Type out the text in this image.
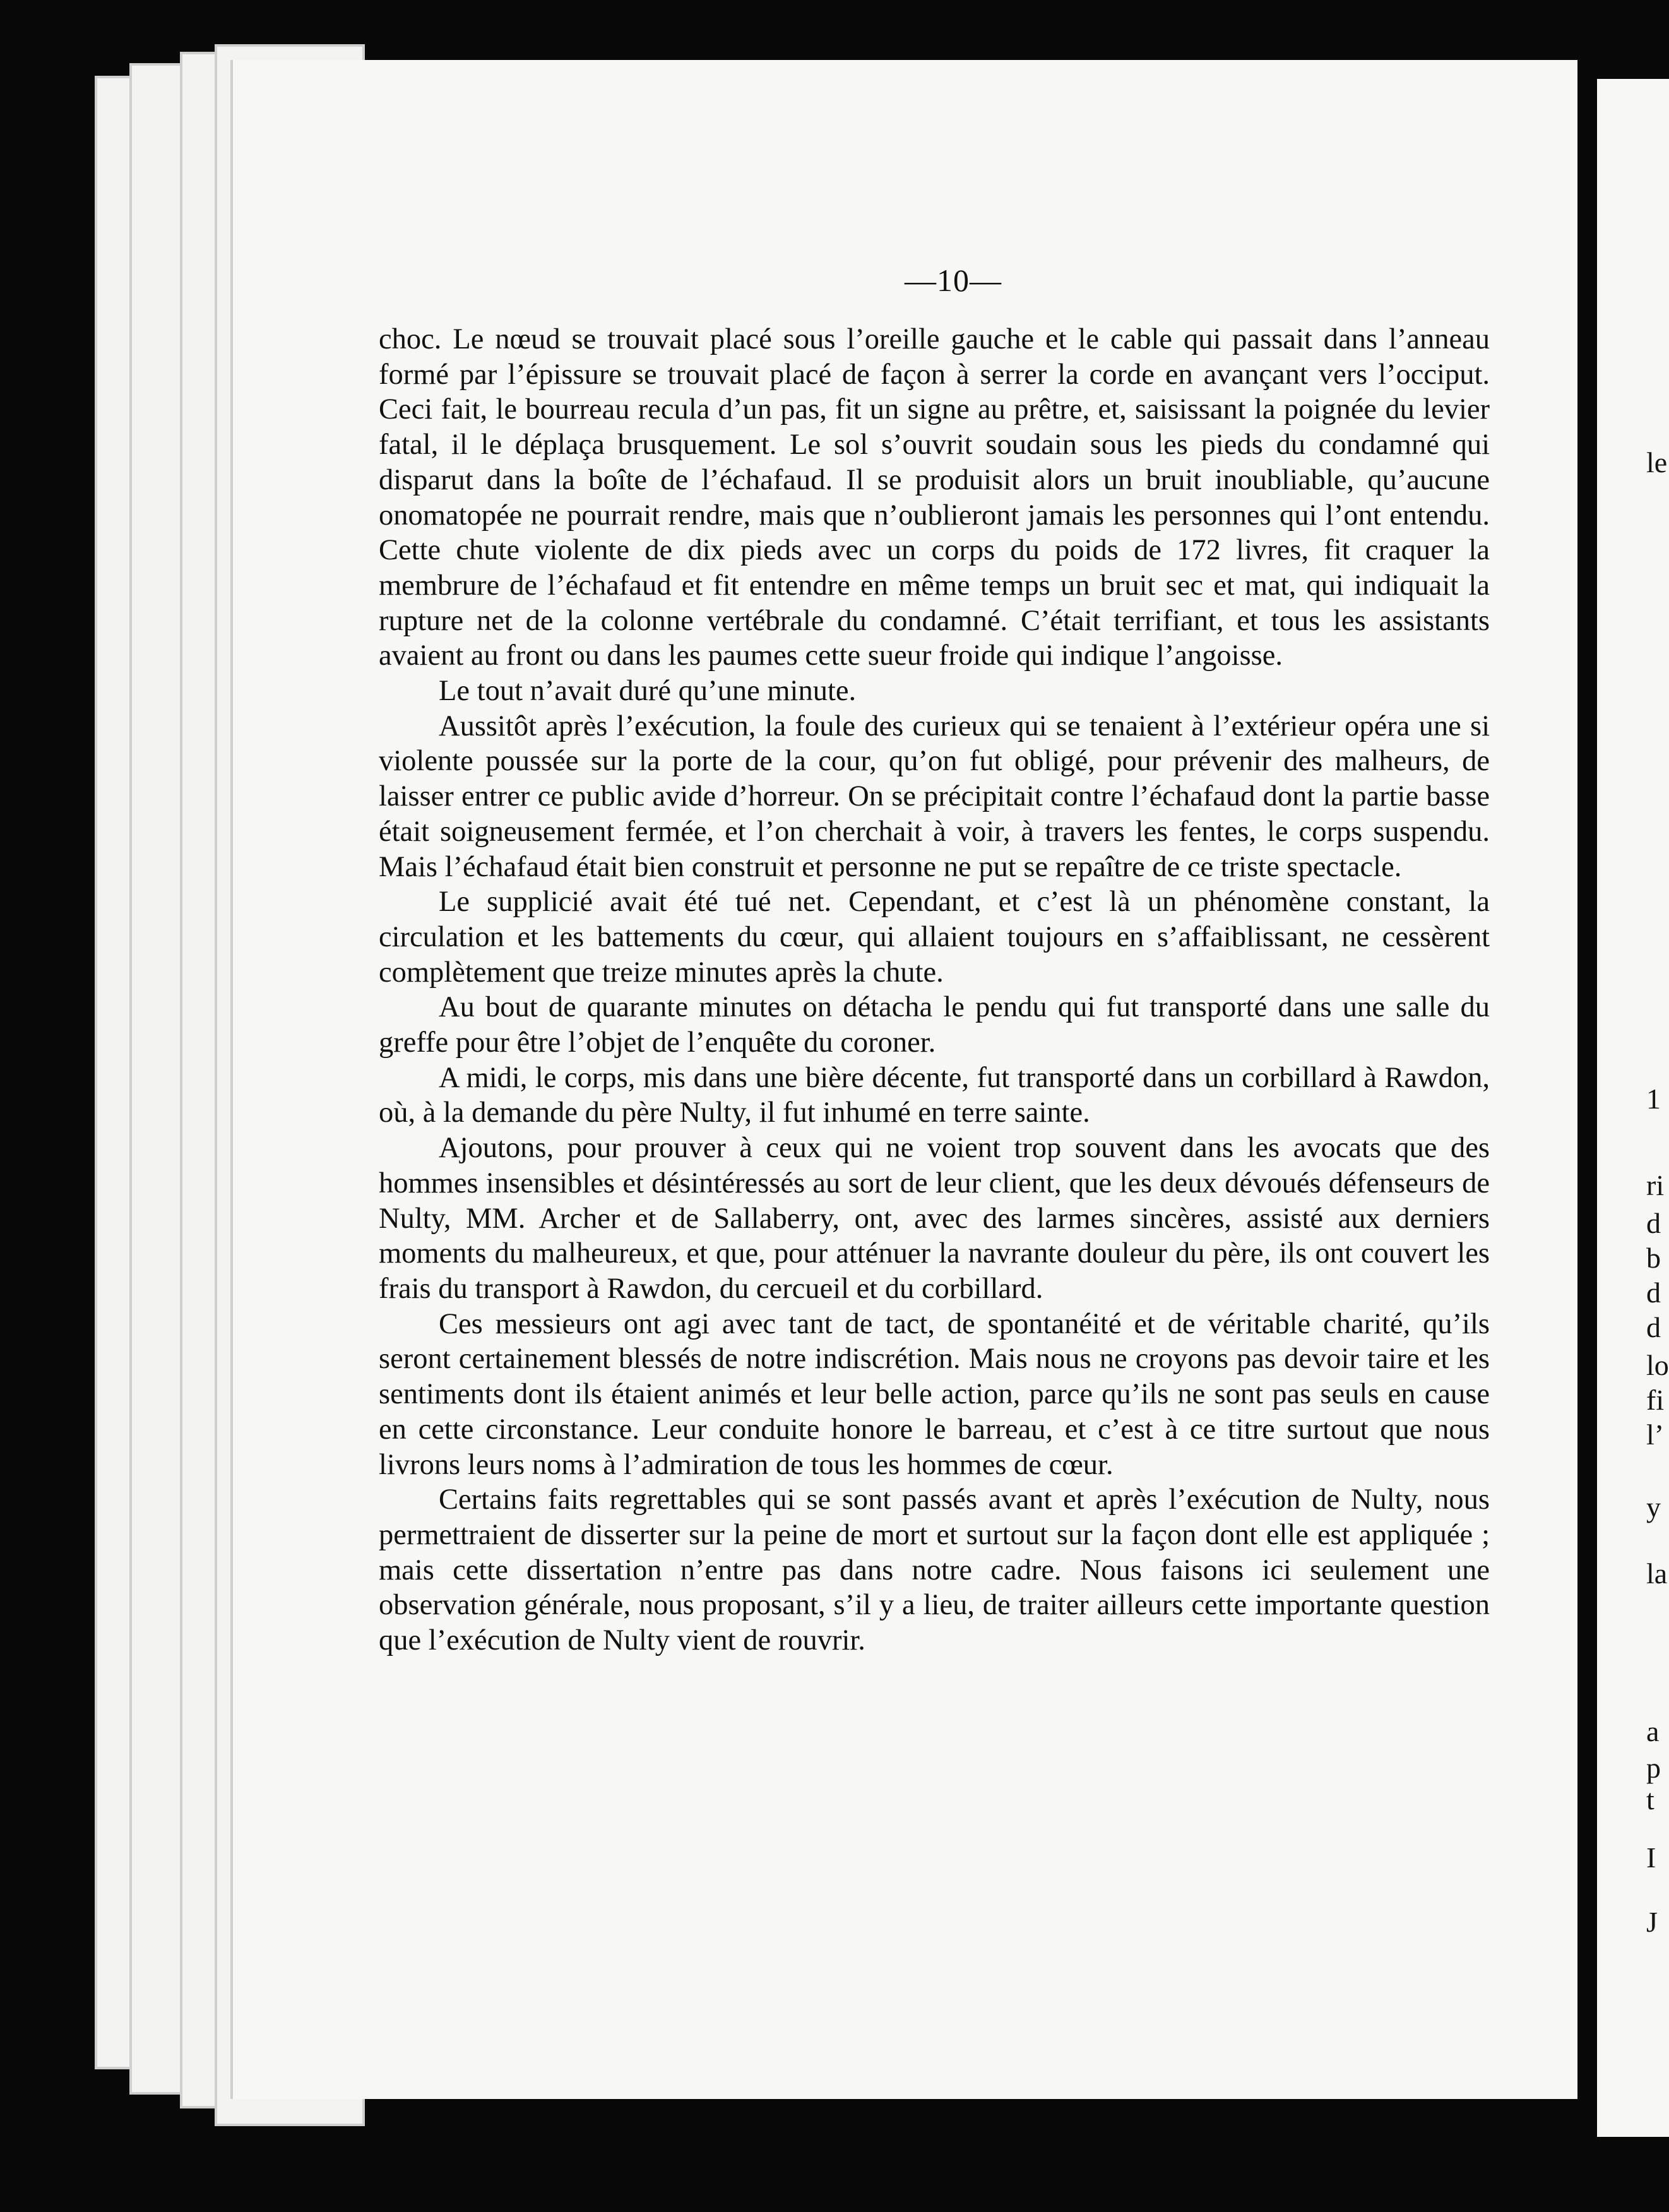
—10—

choc. Le nœud se trouvait placé sous l’oreille gauche et le cable qui passait dans l’anneau formé par l’épissure se trouvait placé de façon à serrer la corde en avançant vers l’occiput. Ceci fait, le bourreau recula d’un pas, fit un signe au prêtre, et, saisissant la poignée du levier fatal, il le déplaça brusquement. Le sol s’ouvrit soudain sous les pieds du condamné qui disparut dans la boîte de l’échafaud. Il se produisit alors un bruit inoubliable, qu’aucune onomatopée ne pourrait rendre, mais que n’oublieront jamais les personnes qui l’ont entendu. Cette chute violente de dix pieds avec un corps du poids de 172 livres, fit craquer la membrure de l’échafaud et fit entendre en même temps un bruit sec et mat, qui indiquait la rupture net de la colonne vertébrale du condamné. C’était terrifiant, et tous les assistants avaient au front ou dans les paumes cette sueur froide qui indique l’angoisse.

Le tout n’avait duré qu’une minute.

Aussitôt après l’exécution, la foule des curieux qui se tenaient à l’extérieur opéra une si violente poussée sur la porte de la cour, qu’on fut obligé, pour prévenir des malheurs, de laisser entrer ce public avide d’horreur. On se précipitait contre l’échafaud dont la partie basse était soigneusement fermée, et l’on cherchait à voir, à travers les fentes, le corps suspendu. Mais l’échafaud était bien construit et personne ne put se repaître de ce triste spectacle.

Le supplicié avait été tué net. Cependant, et c’est là un phénomène constant, la circulation et les battements du cœur, qui allaient toujours en s’affaiblissant, ne cessèrent complètement que treize minutes après la chute.

Au bout de quarante minutes on détacha le pendu qui fut transporté dans une salle du greffe pour être l’objet de l’enquête du coroner.

A midi, le corps, mis dans une bière décente, fut transporté dans un corbillard à Rawdon, où, à la demande du père Nulty, il fut inhumé en terre sainte.

Ajoutons, pour prouver à ceux qui ne voient trop souvent dans les avocats que des hommes insensibles et désintéressés au sort de leur client, que les deux dévoués défenseurs de Nulty, MM. Archer et de Sallaberry, ont, avec des larmes sincères, assisté aux derniers moments du malheureux, et que, pour atténuer la navrante douleur du père, ils ont couvert les frais du transport à Rawdon, du cercueil et du corbillard.

Ces messieurs ont agi avec tant de tact, de spontanéité et de véritable charité, qu’ils seront certainement blessés de notre indiscrétion. Mais nous ne croyons pas devoir taire et les sentiments dont ils étaient animés et leur belle action, parce qu’ils ne sont pas seuls en cause en cette circonstance. Leur conduite honore le barreau, et c’est à ce titre surtout que nous livrons leurs noms à l’admiration de tous les hommes de cœur.

Certains faits regrettables qui se sont passés avant et après l’exécution de Nulty, nous permettraient de disserter sur la peine de mort et surtout sur la façon dont elle est appliquée ; mais cette dissertation n’entre pas dans notre cadre. Nous faisons ici seulement une observation générale, nous proposant, s’il y a lieu, de traiter ailleurs cette importante question que l’exécution de Nulty vient de rouvrir.

le
1
ri
d
b
d
d
lo
fi
l’
y
la
a
p
t
I
J
